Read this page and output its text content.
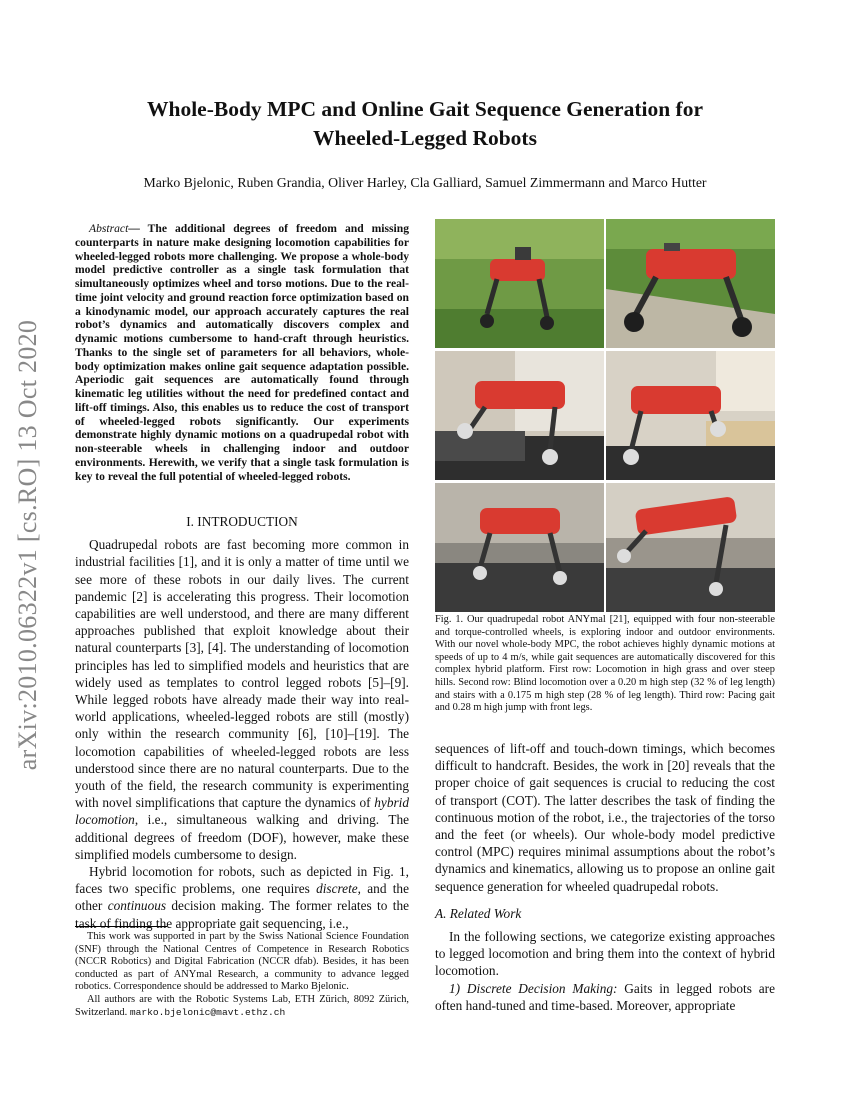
Whole-Body MPC and Online Gait Sequence Generation for
Wheeled-Legged Robots
Marko Bjelonic, Ruben Grandia, Oliver Harley, Cla Galliard, Samuel Zimmermann and Marco Hutter
arXiv:2010.06322v1 [cs.RO] 13 Oct 2020
Abstract— The additional degrees of freedom and missing counterparts in nature make designing locomotion capabilities for wheeled-legged robots more challenging. We propose a whole-body model predictive controller as a single task formulation that simultaneously optimizes wheel and torso motions. Due to the real-time joint velocity and ground reaction force optimization based on a kinodynamic model, our approach accurately captures the real robot’s dynamics and automatically discovers complex and dynamic motions cumbersome to hand-craft through heuristics. Thanks to the single set of parameters for all behaviors, whole-body optimization makes online gait sequence adaptation possible. Aperiodic gait sequences are automatically found through kinematic leg utilities without the need for predefined contact and lift-off timings. Also, this enables us to reduce the cost of transport of wheeled-legged robots significantly. Our experiments demonstrate highly dynamic motions on a quadrupedal robot with non-steerable wheels in challenging indoor and outdoor environments. Herewith, we verify that a single task formulation is key to reveal the full potential of wheeled-legged robots.
I. INTRODUCTION

Quadrupedal robots are fast becoming more common in industrial facilities [1], and it is only a matter of time until we see more of these robots in our daily lives. The current pandemic [2] is accelerating this progress. Their locomotion capabilities are well understood, and there are many different approaches published that exploit knowledge about their natural counterparts [3], [4]. The understanding of locomotion principles has led to simplified models and heuristics that are widely used as templates to control legged robots [5]–[9]. While legged robots have already made their way into real-world applications, wheeled-legged robots are still (mostly) only within the research community [6], [10]–[19]. The locomotion capabilities of wheeled-legged robots are less understood since there are no natural counterparts. Due to the youth of the field, the research community is experimenting with novel simplifications that capture the dynamics of hybrid locomotion, i.e., simultaneous walking and driving. The additional degrees of freedom (DOF), however, make these simplified models cumbersome to design.

Hybrid locomotion for robots, such as depicted in Fig. 1, faces two specific problems, one requires discrete, and the other continuous decision making. The former relates to the task of finding the appropriate gait sequencing, i.e.,

This work was supported in part by the Swiss National Science Foundation (SNF) through the National Centres of Competence in Research Robotics (NCCR Robotics) and Digital Fabrication (NCCR dfab). Besides, it has been conducted as part of ANYmal Research, a community to advance legged robotics. Correspondence should be addressed to Marko Bjelonic.

All authors are with the Robotic Systems Lab, ETH Zürich, 8092 Zürich, Switzerland. marko.bjelonic@mavt.ethz.ch

Fig. 1. Our quadrupedal robot ANYmal [21], equipped with four non-steerable and torque-controlled wheels, is exploring indoor and outdoor environments. With our novel whole-body MPC, the robot achieves highly dynamic motions at speeds of up to 4 m/s, while gait sequences are automatically discovered for this complex hybrid platform. First row: Locomotion in high grass and over steep hills. Second row: Blind locomotion over a 0.20 m high step (32 % of leg length) and stairs with a 0.175 m high step (28 % of leg length). Third row: Pacing gait and 0.28 m high jump with front legs.

sequences of lift-off and touch-down timings, which becomes difficult to handcraft. Besides, the work in [20] reveals that the proper choice of gait sequences is crucial to reducing the cost of transport (COT). The latter describes the task of finding the continuous motion of the robot, i.e., the trajectories of the torso and the feet (or wheels). Our whole-body model predictive control (MPC) requires minimal assumptions about the robot’s dynamics and kinematics, allowing us to propose an online gait sequence generation for wheeled quadrupedal robots.

A. Related Work

In the following sections, we categorize existing approaches to legged locomotion and bring them into the context of hybrid locomotion.

1) Discrete Decision Making: Gaits in legged robots are often hand-tuned and time-based. Moreover, appropriate
